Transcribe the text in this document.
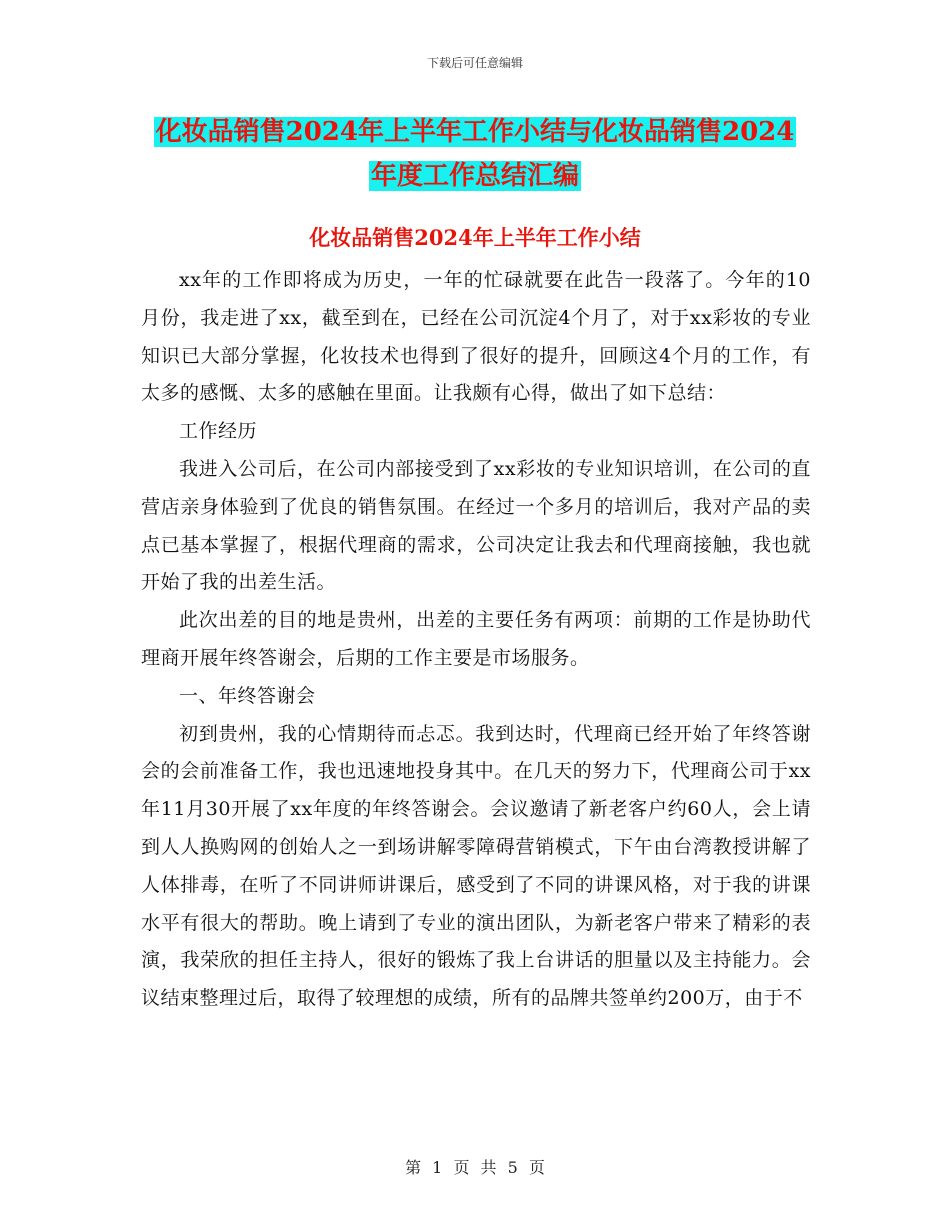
下载后可任意编辑
化妆品销售2024年上半年工作小结与化妆品销售2024
年度工作总结汇编
化妆品销售2024年上半年工作小结

xx年的工作即将成为历史，一年的忙碌就要在此告一段落了。今年的10月份，我走进了xx，截至到在，已经在公司沉淀4个月了，对于xx彩妆的专业知识已大部分掌握，化妆技术也得到了很好的提升，回顾这4个月的工作，有太多的感慨、太多的感触在里面。让我颇有心得，做出了如下总结：

工作经历

我进入公司后，在公司内部接受到了xx彩妆的专业知识培训，在公司的直营店亲身体验到了优良的销售氛围。在经过一个多月的培训后，我对产品的卖点已基本掌握了，根据代理商的需求，公司决定让我去和代理商接触，我也就开始了我的出差生活。

此次出差的目的地是贵州，出差的主要任务有两项：前期的工作是协助代理商开展年终答谢会，后期的工作主要是市场服务。

一、年终答谢会

初到贵州，我的心情期待而忐忑。我到达时，代理商已经开始了年终答谢会的会前准备工作，我也迅速地投身其中。在几天的努力下，代理商公司于xx年11月30开展了xx年度的年终答谢会。会议邀请了新老客户约60人，会上请到人人换购网的创始人之一到场讲解零障碍营销模式，下午由台湾教授讲解了人体排毒，在听了不同讲师讲课后，感受到了不同的讲课风格，对于我的讲课水平有很大的帮助。晚上请到了专业的演出团队，为新老客户带来了精彩的表演，我荣欣的担任主持人，很好的锻炼了我上台讲话的胆量以及主持能力。会议结束整理过后，取得了较理想的成绩，所有的品牌共签单约200万，由于不

第 1 页 共 5 页
